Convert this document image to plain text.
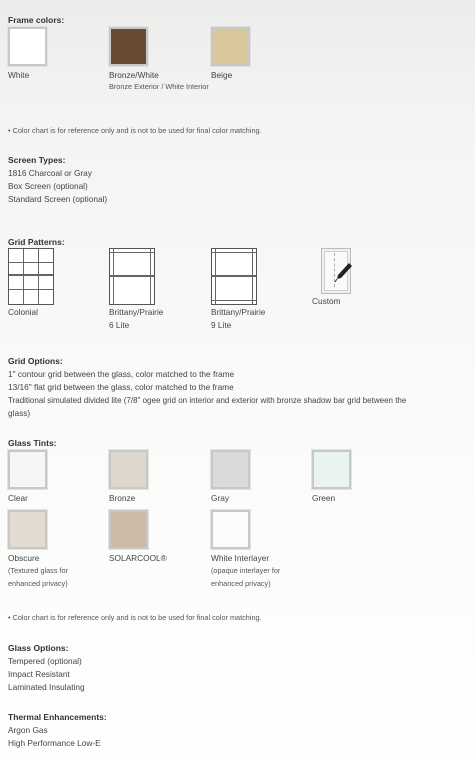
Frame colors:
White	Bronze/White
Bronze Exterior / White Interior
Beige
• Color chart is for reference only and is not to be used for final color matching.
Screen Types:
1816 Charcoal or Gray
Box Screen (optional)
Standard Screen (optional)
Grid Patterns:
Colonial	Brittany/Prairie
6 Lite
Brittany/Prairie
9 Lite
Custom
Grid Options:
1" contour grid between the glass, color matched to the frame
13/16" flat grid between the glass, color matched to the frame
Traditional simulated divided lite (7/8" ogee grid on interior and exterior with bronze shadow bar grid between the
glass)
Glass Tints:
Clear	Bronze	Gray	Green
Obscure
(Textured glass for
enhanced privacy)
SOLARCOOL®	White Interlayer
(opaque interlayer for
enhanced privacy)
• Color chart is for reference only and is not to be used for final color matching.
Glass Options:
Tempered (optional)
Impact Resistant
Laminated Insulating
Thermal Enhancements:
Argon Gas
High Performance Low-E
